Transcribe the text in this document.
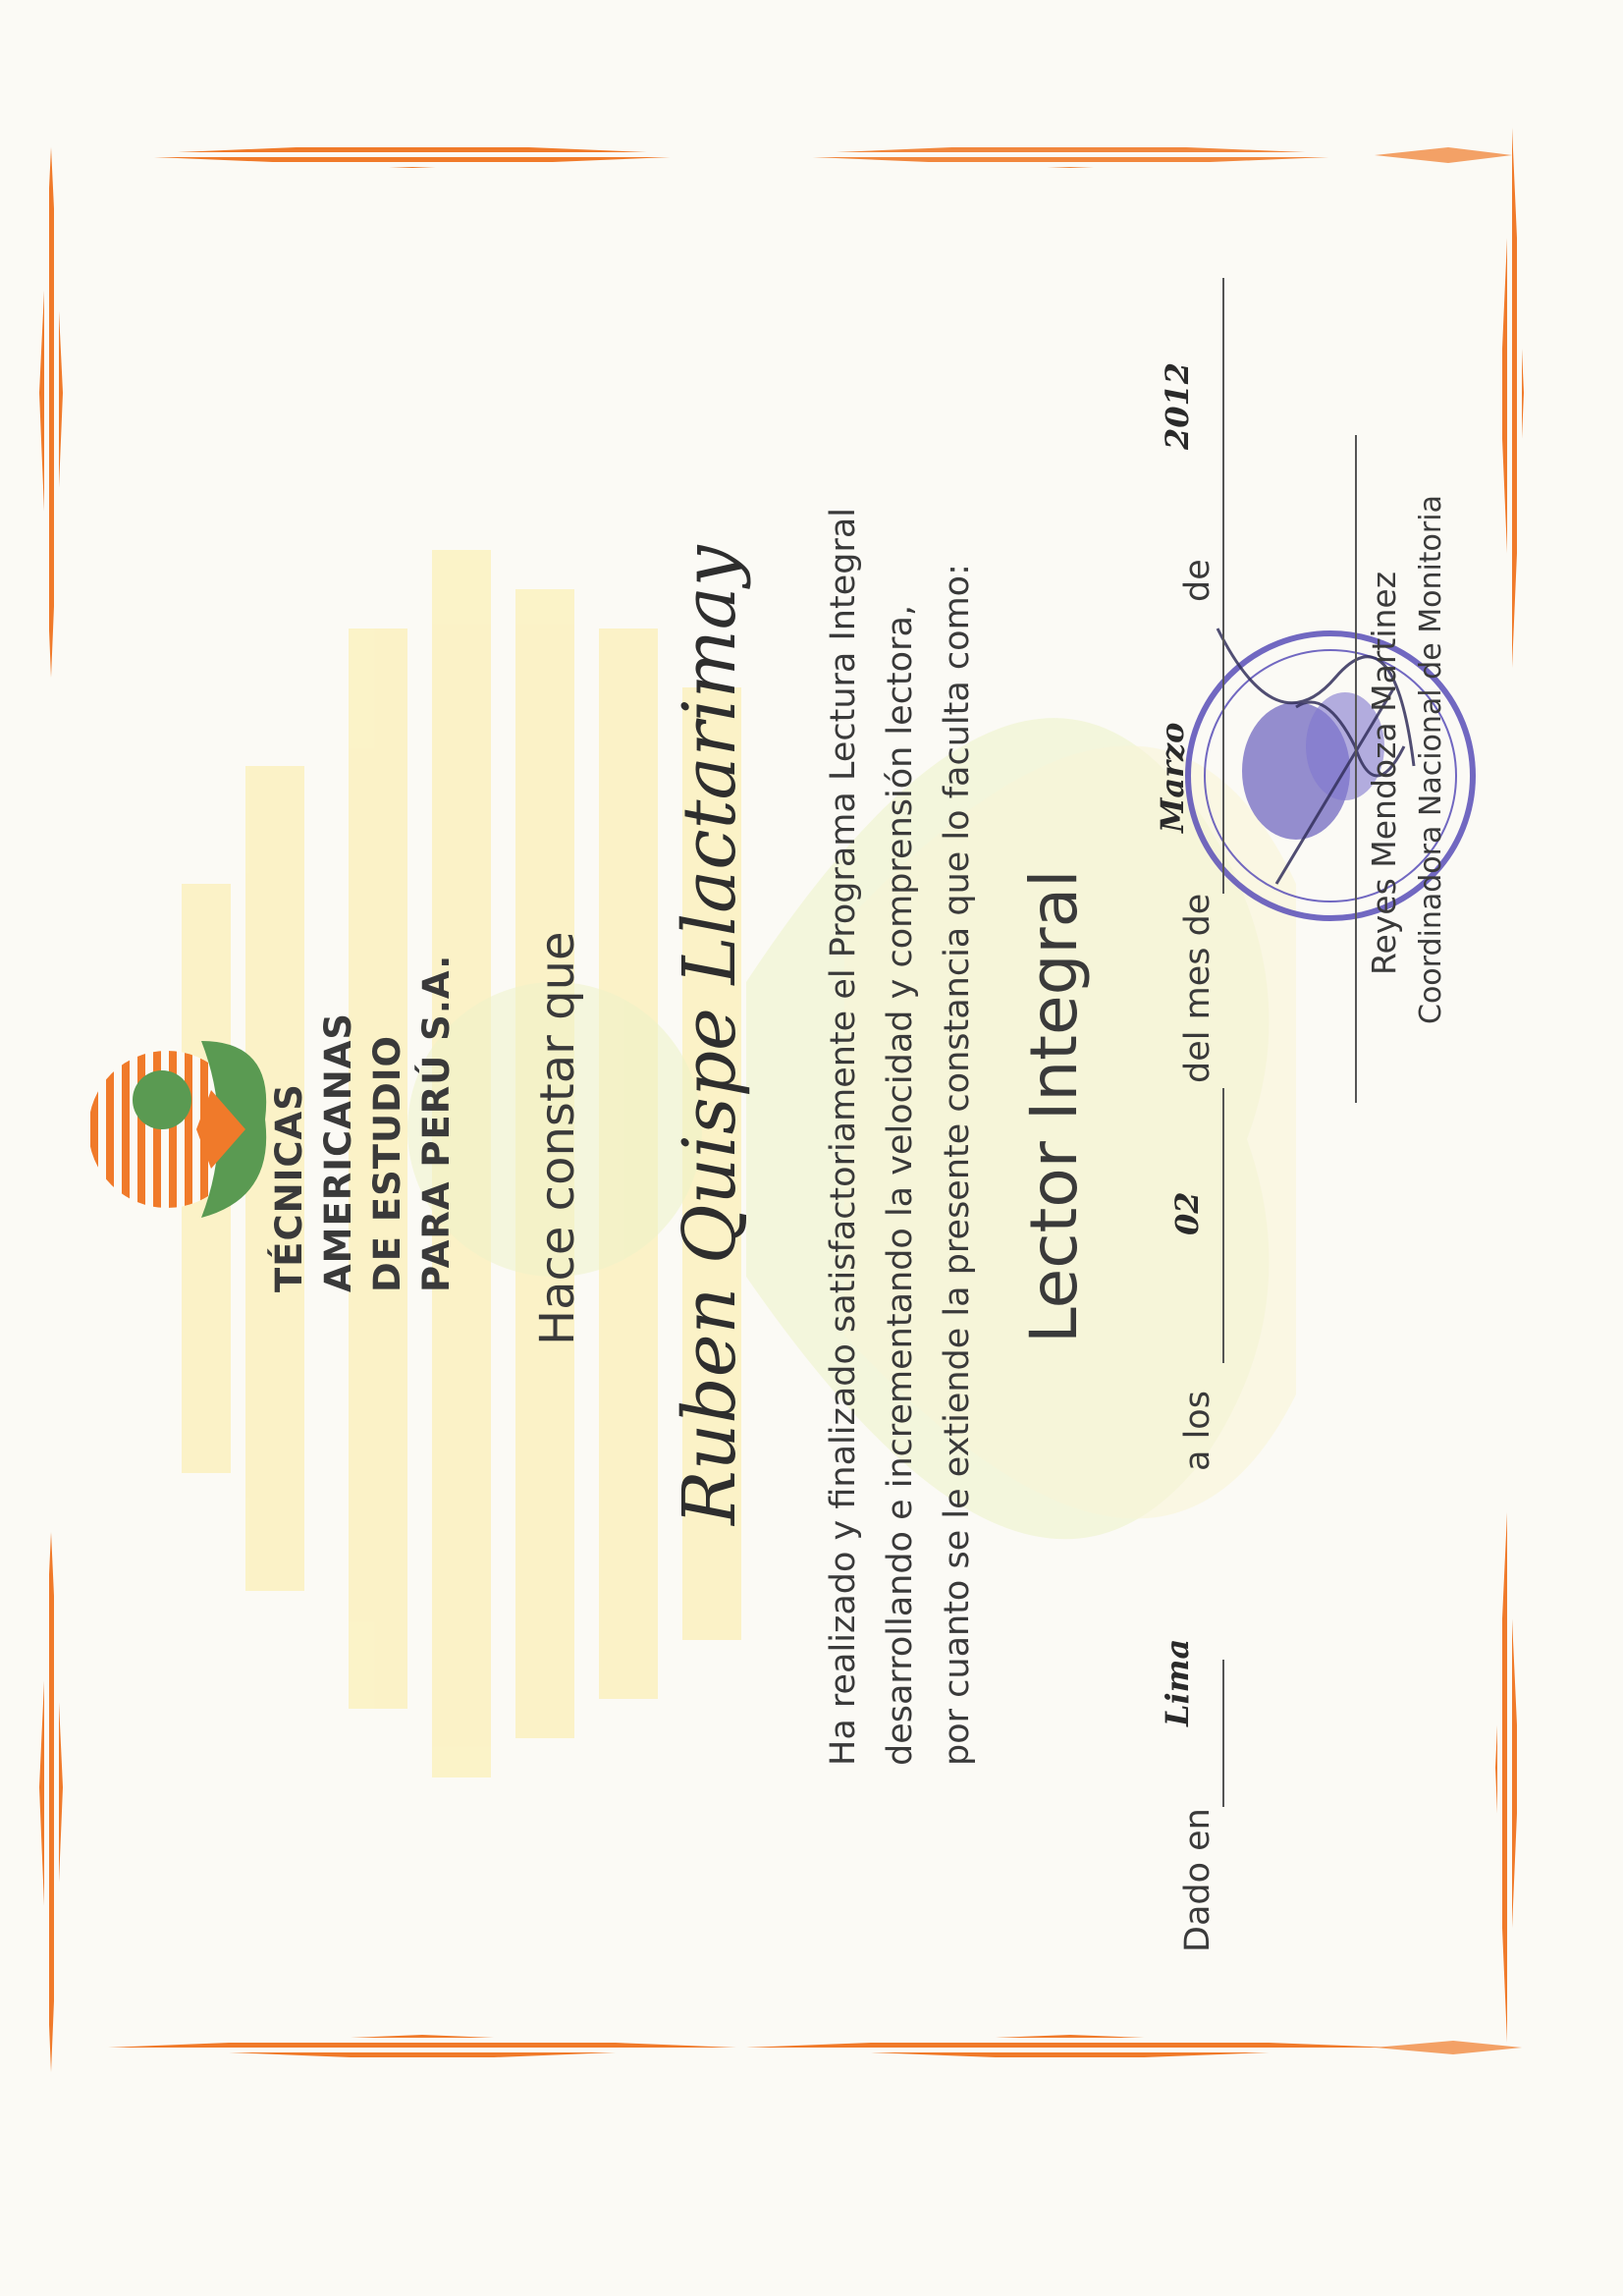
TÉCNICAS AMERICANAS DE ESTUDIO PARA PERÚ S.A. Hace constar que Ruben Quispe Llactarimay Ha realizado y finalizado satisfactoriamente el Programa Lectura Integral desarrollando e incrementando la velocidad y comprensión lectora, por cuanto se le extiende la presente constancia que lo faculta como: Lector Integral
Dado en
Lima
a los
02
del mes de
Marzo
de
2012
Reyes Mendoza Martinez Coordinadora Nacional de Monitoria
